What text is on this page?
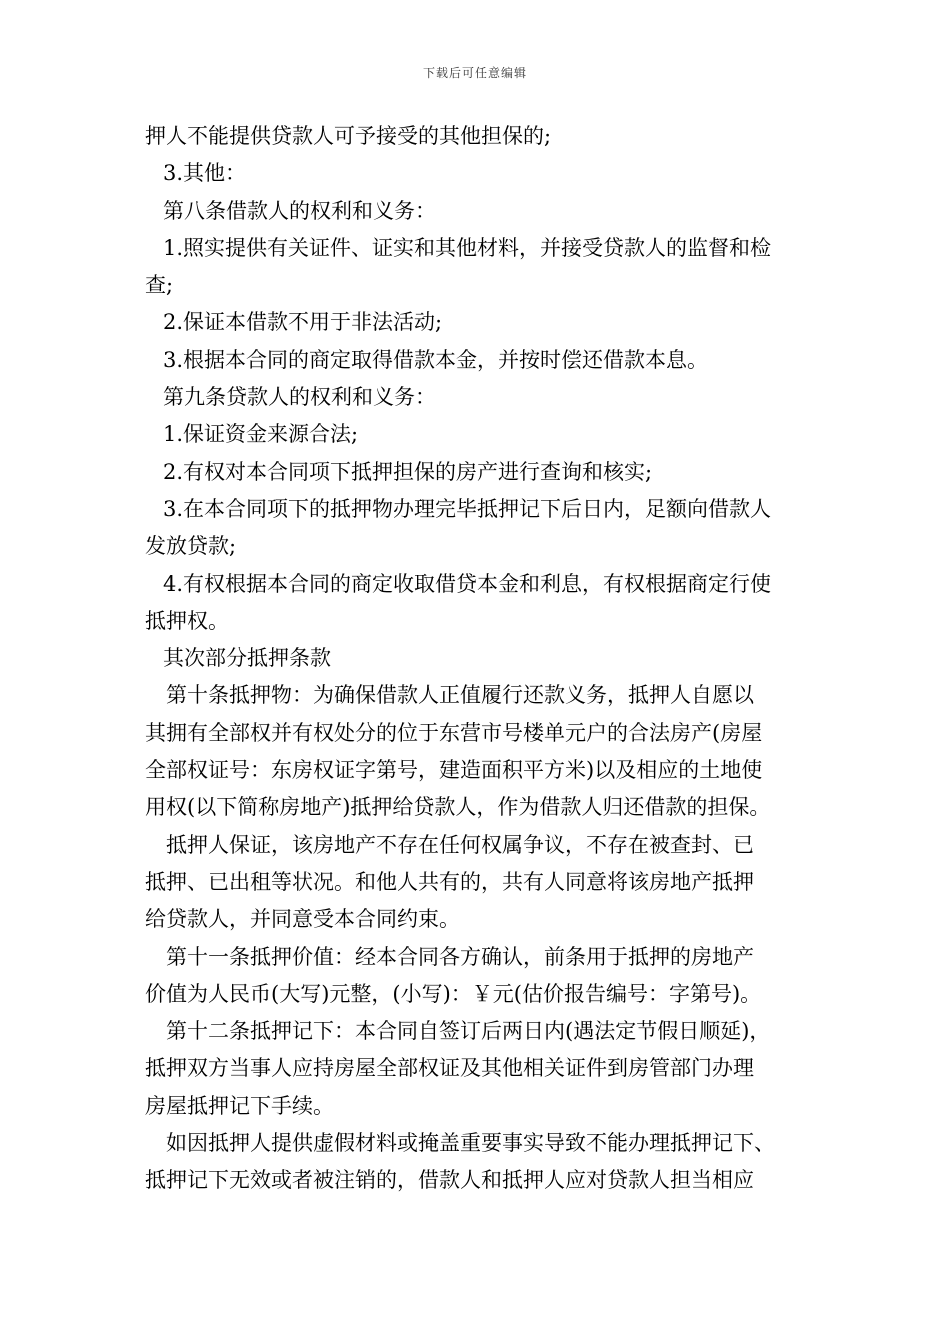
下载后可任意编辑
押人不能提供贷款人可予接受的其他担保的;
3.其他：
第八条借款人的权利和义务：
1.照实提供有关证件、证实和其他材料，并接受贷款人的监督和检
查;
2.保证本借款不用于非法活动;
3.根据本合同的商定取得借款本金，并按时偿还借款本息。
第九条贷款人的权利和义务：
1.保证资金来源合法;
2.有权对本合同项下抵押担保的房产进行查询和核实;
3.在本合同项下的抵押物办理完毕抵押记下后日内，足额向借款人
发放贷款;
4.有权根据本合同的商定收取借贷本金和利息，有权根据商定行使
抵押权。
其次部分抵押条款
第十条抵押物：为确保借款人正值履行还款义务，抵押人自愿以
其拥有全部权并有权处分的位于东营市号楼单元户的合法房产(房屋
全部权证号：东房权证字第号，建造面积平方米)以及相应的土地使
用权(以下简称房地产)抵押给贷款人，作为借款人归还借款的担保。
抵押人保证，该房地产不存在任何权属争议，不存在被查封、已
抵押、已出租等状况。和他人共有的，共有人同意将该房地产抵押
给贷款人，并同意受本合同约束。
第十一条抵押价值：经本合同各方确认，前条用于抵押的房地产
价值为人民币(大写)元整，(小写)：￥元(估价报告编号：字第号)。
第十二条抵押记下：本合同自签订后两日内(遇法定节假日顺延)，
抵押双方当事人应持房屋全部权证及其他相关证件到房管部门办理
房屋抵押记下手续。
如因抵押人提供虚假材料或掩盖重要事实导致不能办理抵押记下、
抵押记下无效或者被注销的，借款人和抵押人应对贷款人担当相应
